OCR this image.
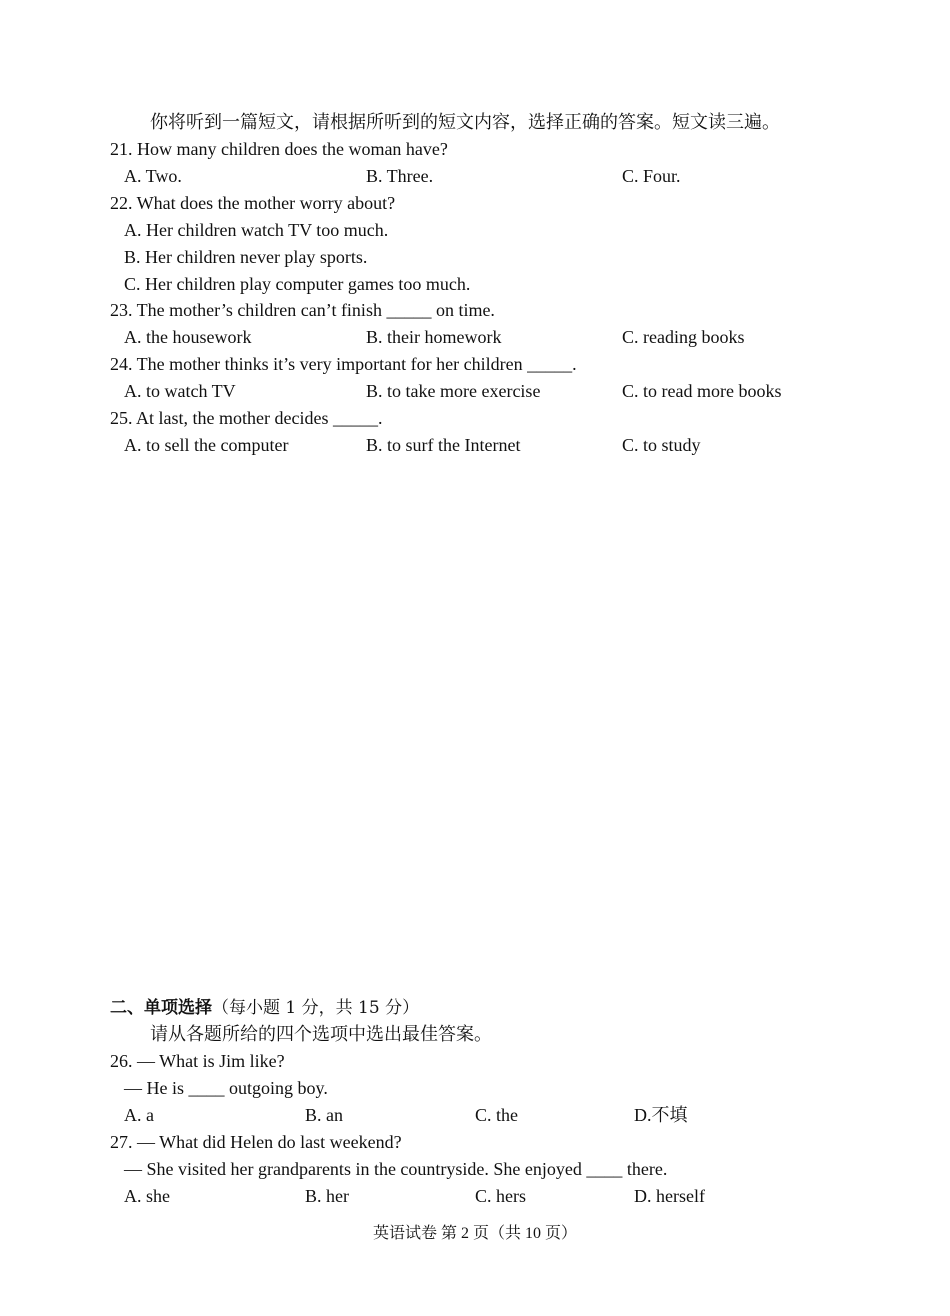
你将听到一篇短文，请根据所听到的短文内容，选择正确的答案。短文读三遍。
21. How many children does the woman have?
A. Two.	B. Three.	C. Four.
22. What does the mother worry about?
A. Her children watch TV too much.
B. Her children never play sports.
C. Her children play computer games too much.
23. The mother’s children can’t finish _____ on time.
A. the housework	B. their homework	C. reading books
24. The mother thinks it’s very important for her children _____.
A. to watch TV	B. to take more exercise	C. to read more books
25. At last, the mother decides _____.
A. to sell the computer	B. to surf the Internet	C. to study
二、单项选择（每小题 1 分，共 15 分）
请从各题所给的四个选项中选出最佳答案。
26. — What is Jim like?
— He is ____ outgoing boy.
A. a	B. an	C. the	D.不填
27. — What did Helen do last weekend?
— She visited her grandparents in the countryside. She enjoyed ____ there.
A. she	B. her	C. hers	D. herself
英语试卷 第 2 页（共 10 页）
